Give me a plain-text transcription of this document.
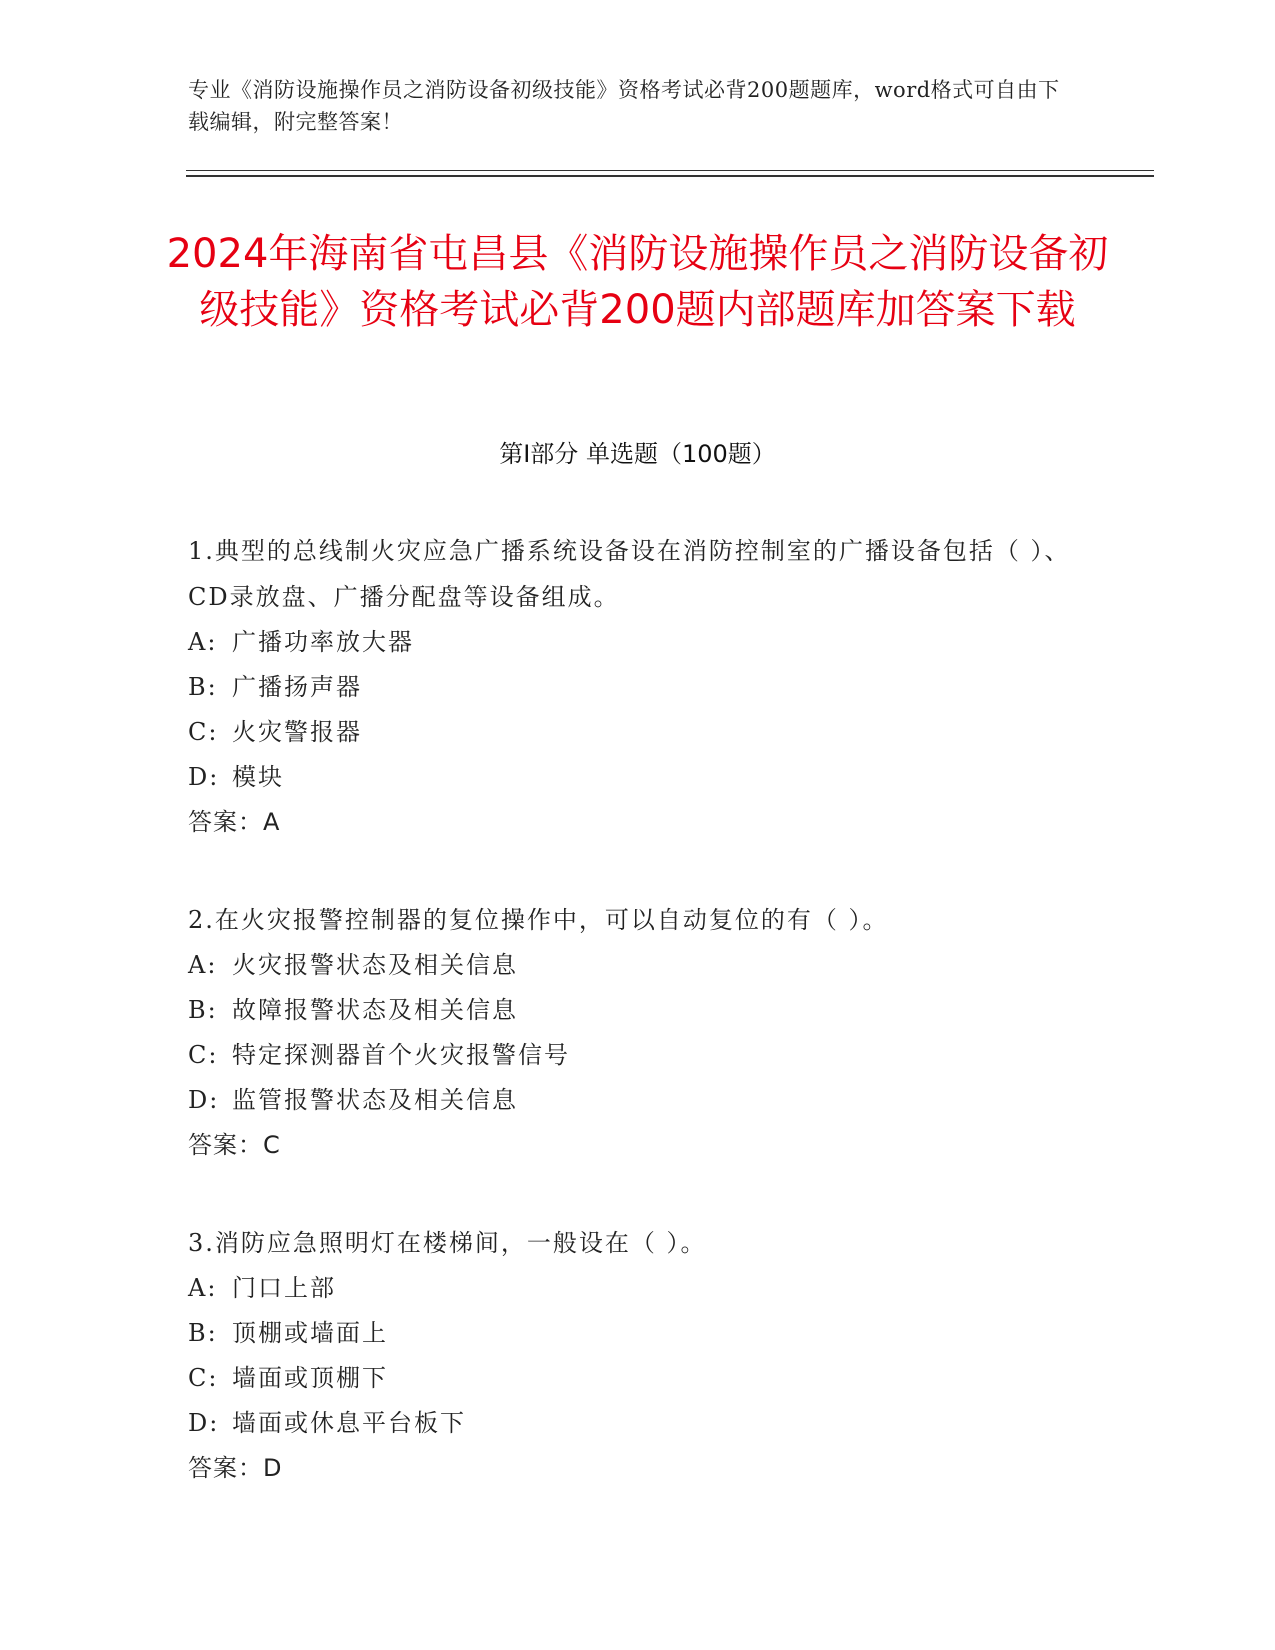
专业《消防设施操作员之消防设备初级技能》资格考试必背200题题库，word格式可自由下载编辑，附完整答案！
2024年海南省屯昌县《消防设施操作员之消防设备初级技能》资格考试必背200题内部题库加答案下载
第I部分 单选题（100题）
1.典型的总线制火灾应急广播系统设备设在消防控制室的广播设备包括（ ）、CD录放盘、广播分配盘等设备组成。
A: 广播功率放大器
B: 广播扬声器
C: 火灾警报器
D: 模块
答案：A
2.在火灾报警控制器的复位操作中，可以自动复位的有（ ）。
A: 火灾报警状态及相关信息
B: 故障报警状态及相关信息
C: 特定探测器首个火灾报警信号
D: 监管报警状态及相关信息
答案：C
3.消防应急照明灯在楼梯间，一般设在（ ）。
A: 门口上部
B: 顶棚或墙面上
C: 墙面或顶棚下
D: 墙面或休息平台板下
答案：D
